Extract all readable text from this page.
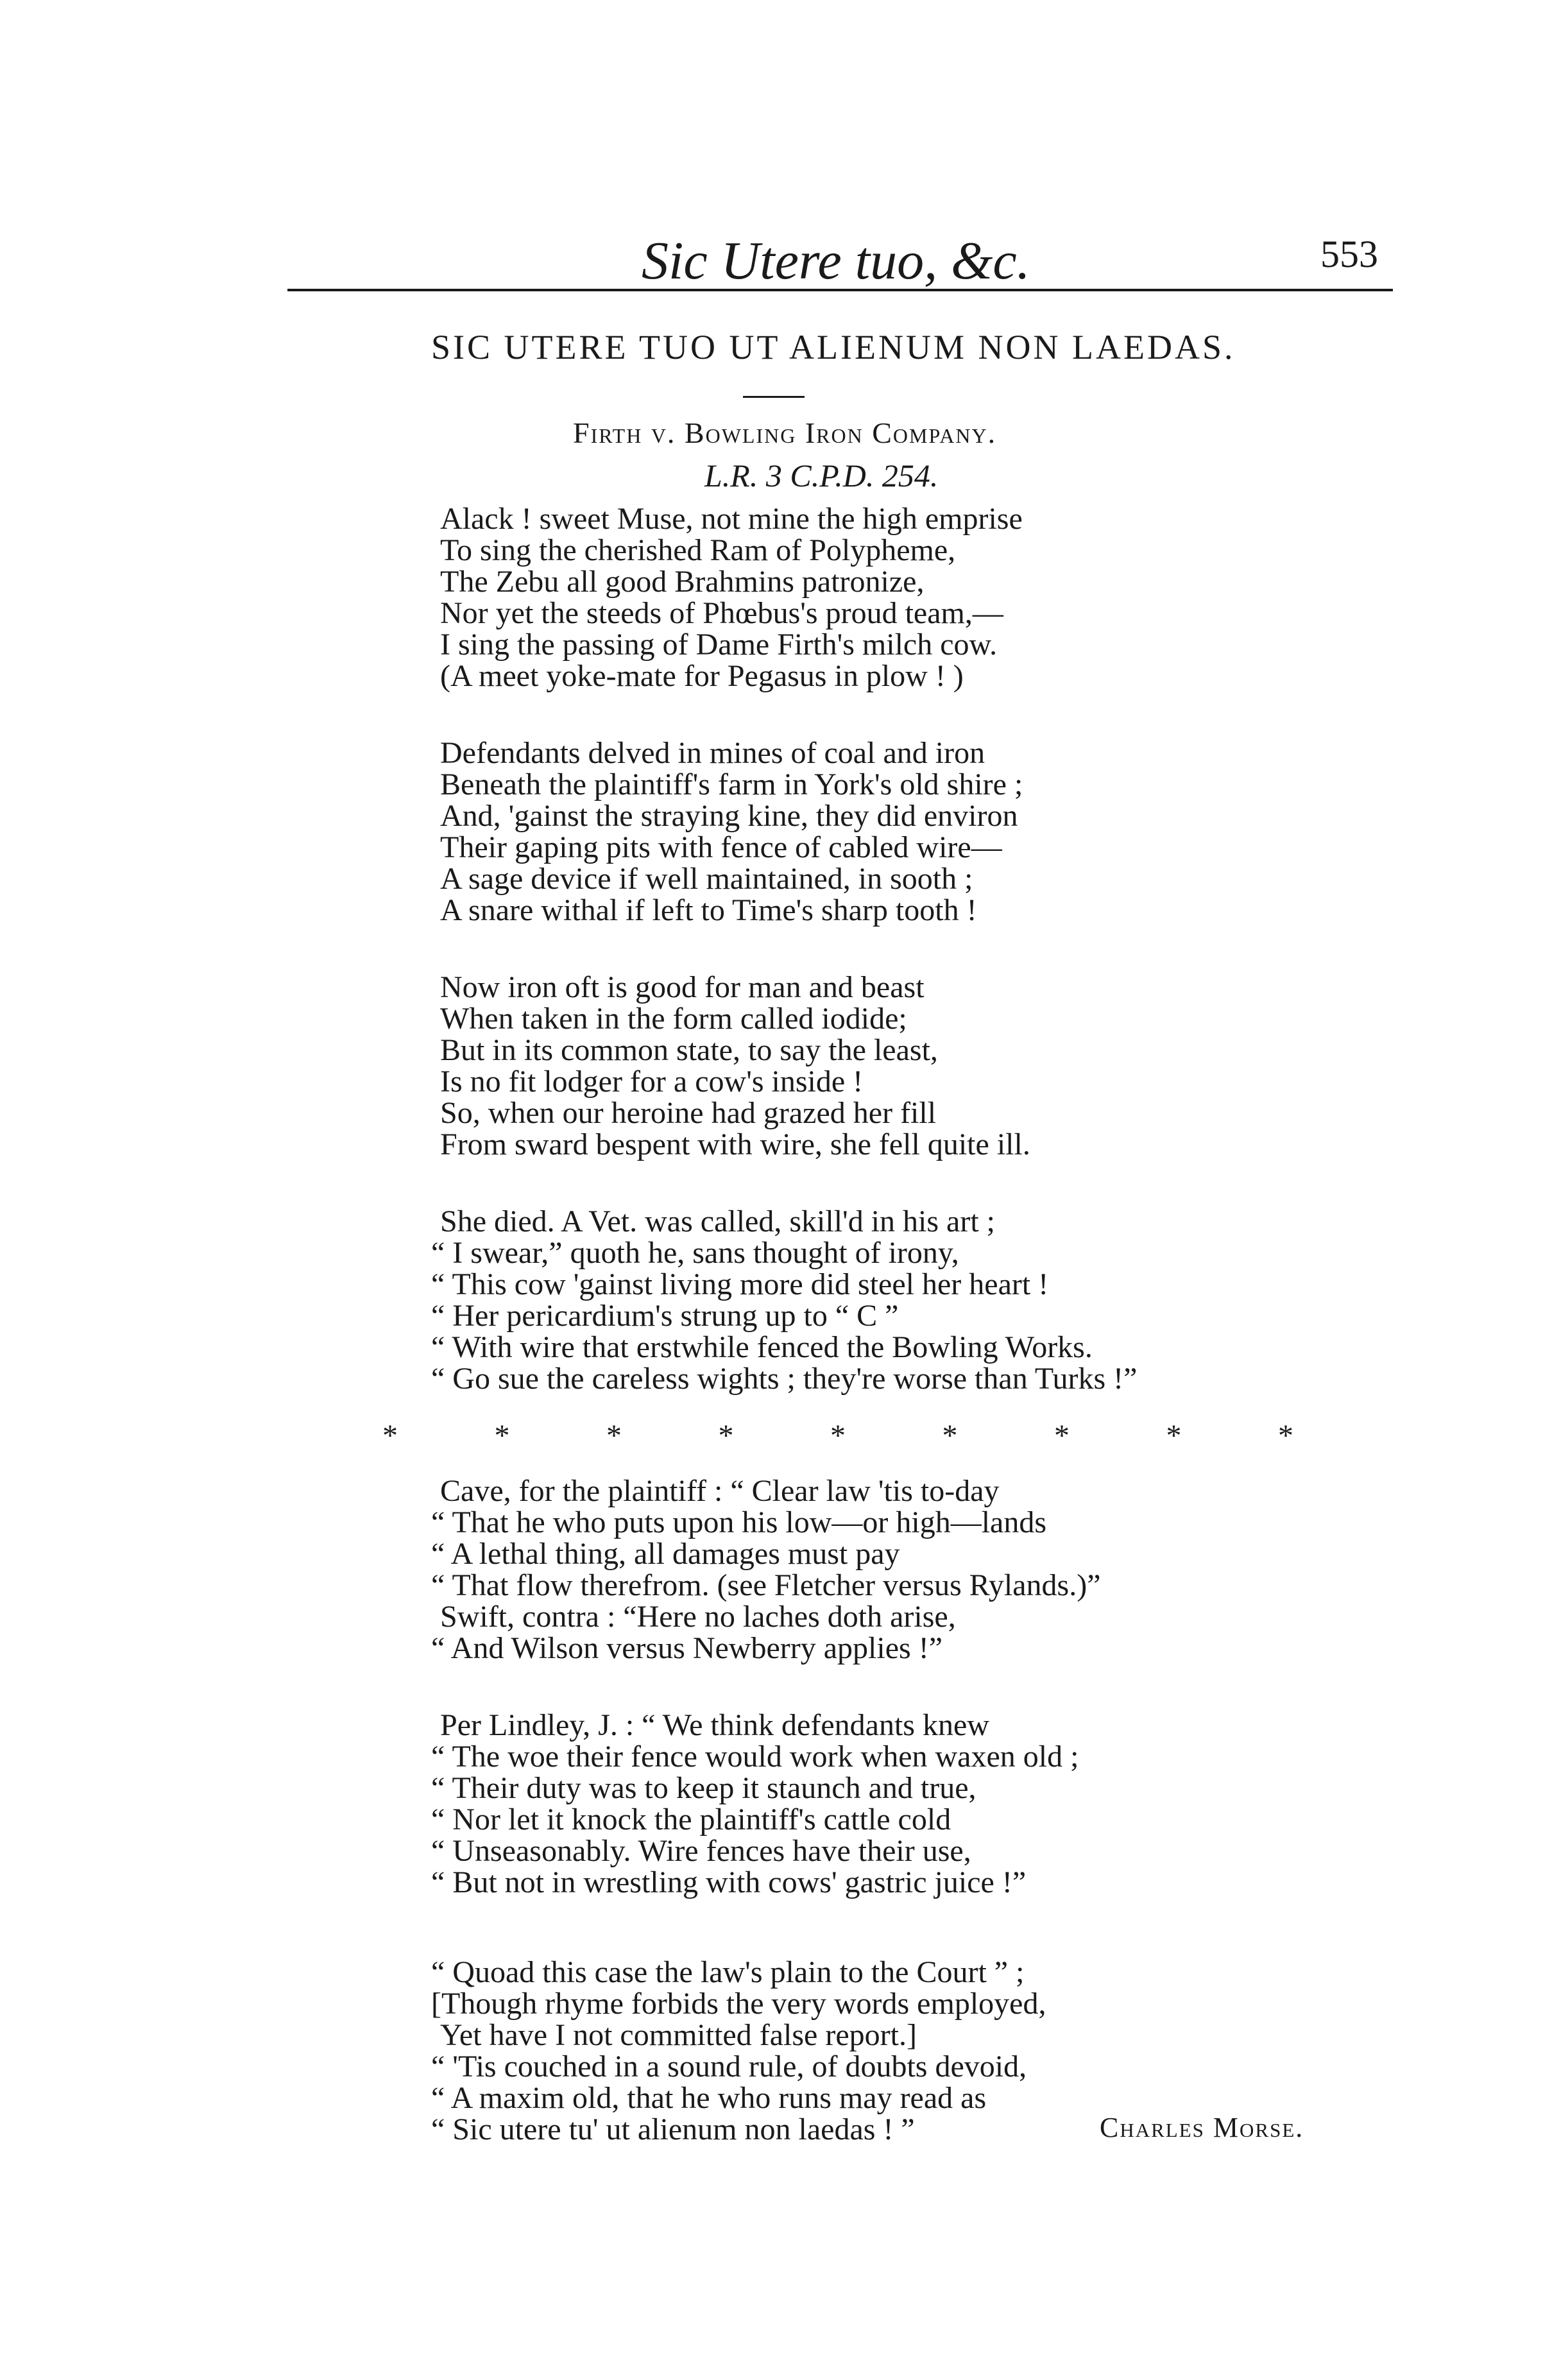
Sic Utere tuo, &c.	553
SIC UTERE TUO UT ALIENUM NON LAEDAS.
Firth v. Bowling Iron Company.
L.R. 3 C.P.D. 254.
Alack ! sweet Muse, not mine the high emprise
To sing the cherished Ram of Polypheme,
The Zebu all good Brahmins patronize,
Nor yet the steeds of Phœbus's proud team,—
I sing the passing of Dame Firth's milch cow.
(A meet yoke-mate for Pegasus in plow ! )
Defendants delved in mines of coal and iron
Beneath the plaintiff's farm in York's old shire ;
And, 'gainst the straying kine, they did environ
Their gaping pits with fence of cabled wire—
A sage device if well maintained, in sooth ;
A snare withal if left to Time's sharp tooth !
Now iron oft is good for man and beast
When taken in the form called iodide;
But in its common state, to say the least,
Is no fit lodger for a cow's inside !
So, when our heroine had grazed her fill
From sward bespent with wire, she fell quite ill.
She died. A Vet. was called, skill'd in his art ;
“ I swear,” quoth he, sans thought of irony,
“ This cow 'gainst living more did steel her heart !
“ Her pericardium's strung up to “ C ”
“ With wire that erstwhile fenced the Bowling Works.
“ Go sue the careless wights ; they're worse than Turks !”
Cave, for the plaintiff : “ Clear law 'tis to-day
“ That he who puts upon his low—or high—lands
“ A lethal thing, all damages must pay
“ That flow therefrom. (see Fletcher versus Rylands.)”
Swift, contra : “Here no laches doth arise,
“ And Wilson versus Newberry applies !”
Per Lindley, J. : “ We think defendants knew
“ The woe their fence would work when waxen old ;
“ Their duty was to keep it staunch and true,
“ Nor let it knock the plaintiff's cattle cold
“ Unseasonably. Wire fences have their use,
“ But not in wrestling with cows' gastric juice !”
“ Quoad this case the law's plain to the Court ” ;
[Though rhyme forbids the very words employed,
Yet have I not committed false report.]
“ 'Tis couched in a sound rule, of doubts devoid,
“ A maxim old, that he who runs may read as
“ Sic utere tu' ut alienum non laedas ! ”
*	*	*	*	*	*	*	*	*
Charles Morse.
